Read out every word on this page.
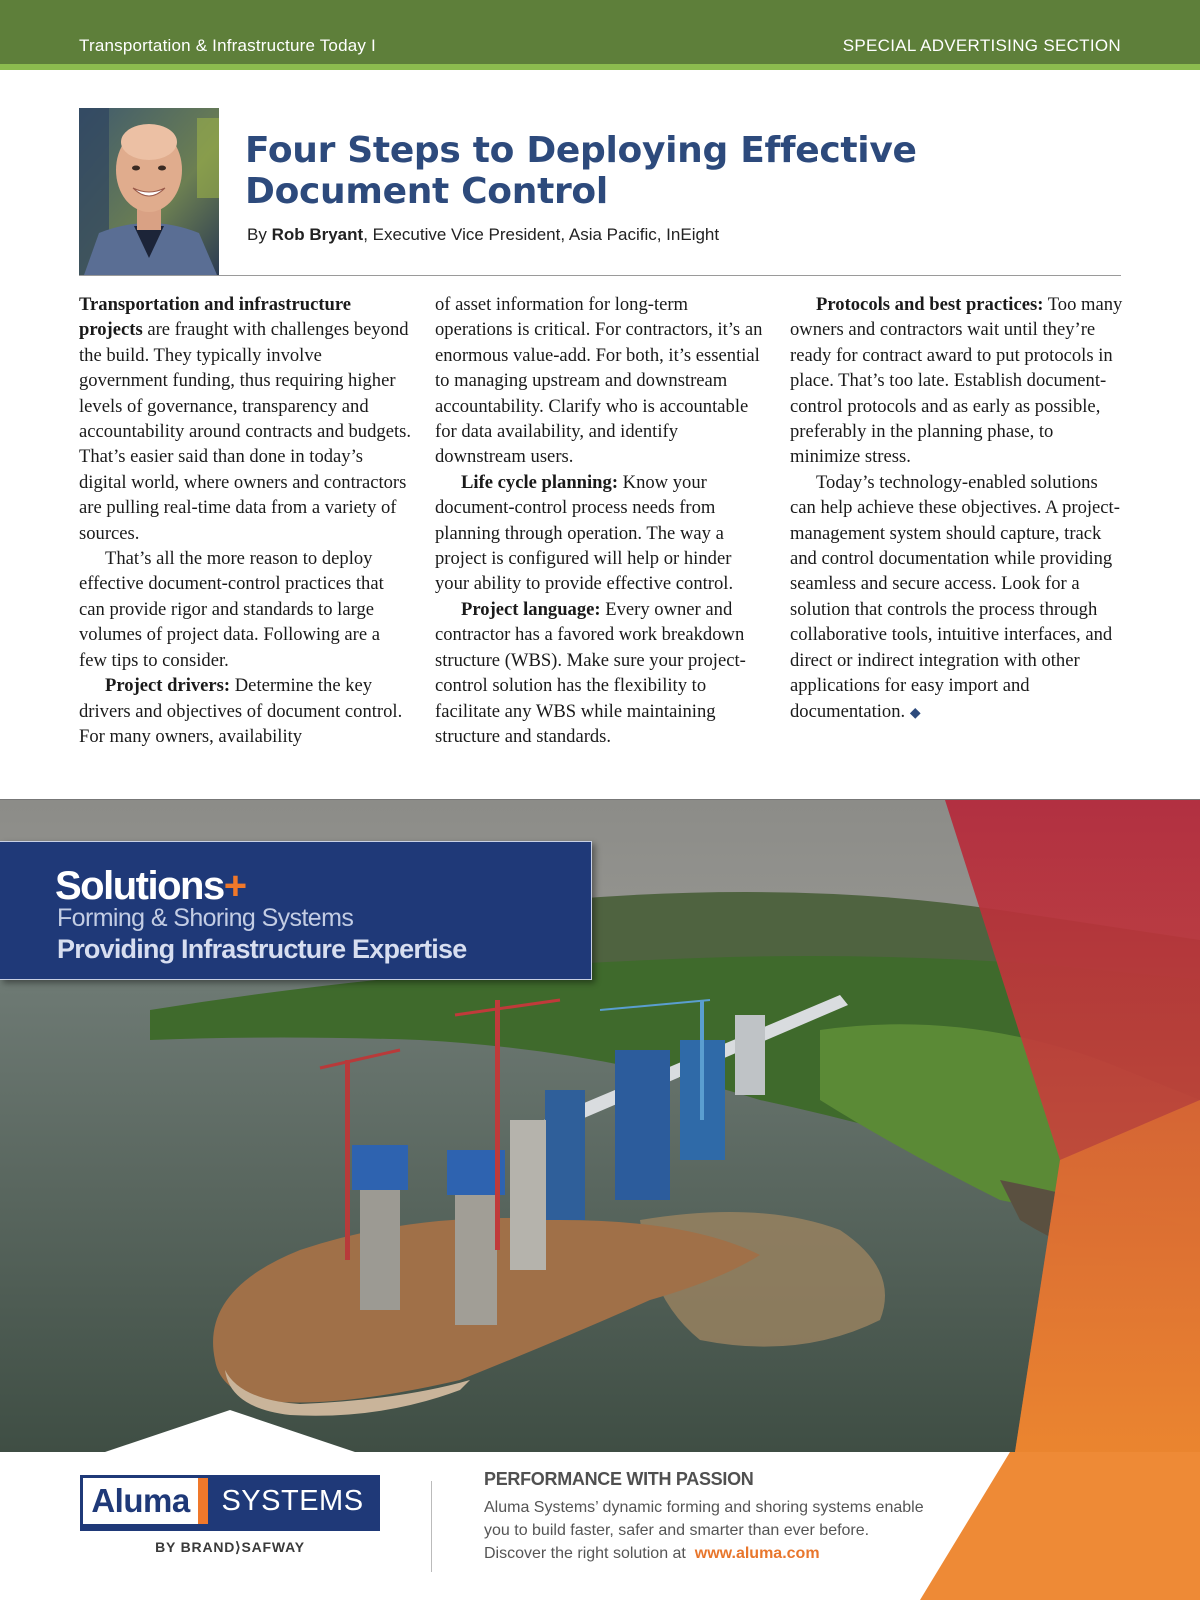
Transportation & Infrastructure Today I	SPECIAL ADVERTISING SECTION
Four Steps to Deploying Effective
Document Control
By Rob Bryant, Executive Vice President, Asia Pacific, InEight

Transportation and infrastructure projects are fraught with challenges beyond the build. They typically involve government funding, thus requiring higher levels of governance, transparency and accountability around contracts and budgets. That’s easier said than done in today’s digital world, where owners and contractors are pulling real-time data from a variety of sources.

That’s all the more reason to deploy effective document-control practices that can provide rigor and standards to large volumes of project data. Following are a few tips to consider.

Project drivers: Determine the key drivers and objectives of document control. For many owners, availability

of asset information for long-term operations is critical. For contractors, it’s an enormous value-add. For both, it’s essential to managing upstream and downstream accountability. Clarify who is accountable for data availability, and identify downstream users.

Life cycle planning: Know your document-control process needs from planning through operation. The way a project is configured will help or hinder your ability to provide effective control.

Project language: Every owner and contractor has a favored work breakdown structure (WBS). Make sure your project-control solution has the flexibility to facilitate any WBS while maintaining structure and standards.

Protocols and best practices: Too many owners and contractors wait until they’re ready for contract award to put protocols in place. That’s too late. Establish document-control protocols and as early as possible, preferably in the planning phase, to minimize stress.

Today’s technology-enabled solutions can help achieve these objectives. A project-management system should capture, track and control documentation while providing seamless and secure access. Look for a solution that controls the process through collaborative tools, intuitive interfaces, and direct or indirect integration with other applications for easy import and documentation. ◆

Solutions+
Forming & Shoring Systems
Providing Infrastructure Expertise
Aluma	SYSTEMS
BY BRAND⟩SAFWAY
PERFORMANCE WITH PASSION
Aluma Systems’ dynamic forming and shoring systems enable
you to build faster, safer and smarter than ever before.
Discover the right solution at  www.aluma.com
